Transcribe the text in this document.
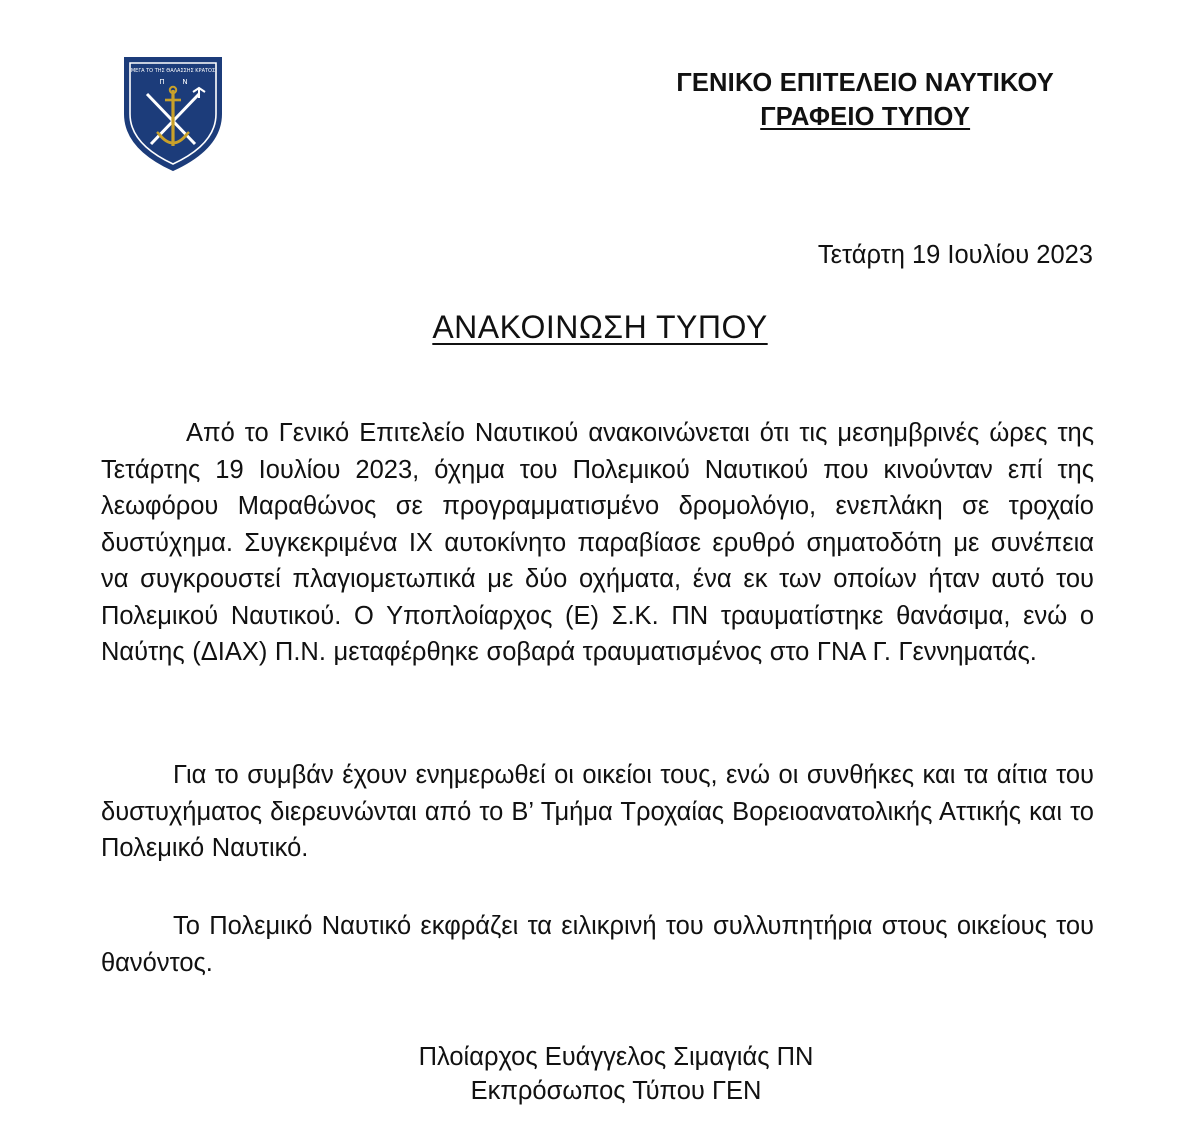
ΜΕΓΑ ΤΟ ΤΗΣ ΘΑΛΑΣΣΗΣ ΚΡΑΤΟΣ
Π	Ν	ΓΕΝΙΚΟ ΕΠΙΤΕΛΕΙΟ ΝΑΥΤΙΚΟΥ
ΓΡΑΦΕΙΟ ΤΥΠΟΥ
Τετάρτη 19 Ιουλίου 2023
ΑΝΑΚΟΙΝΩΣΗ ΤΥΠΟΥ
Από το Γενικό Επιτελείο Ναυτικού ανακοινώνεται ότι τις μεσημβρινές ώρες της Τετάρτης 19 Ιουλίου 2023, όχημα του Πολεμικού Ναυτικού που κινούνταν επί της λεωφόρου Μαραθώνος σε προγραμματισμένο δρομολόγιο, ενεπλάκη σε τροχαίο δυστύχημα. Συγκεκριμένα ΙΧ αυτοκίνητο παραβίασε ερυθρό σηματοδότη με συνέπεια να συγκρουστεί πλαγιομετωπικά με δύο οχήματα, ένα εκ των οποίων ήταν αυτό του Πολεμικού Ναυτικού. Ο Υποπλοίαρχος (Ε) Σ.Κ. ΠΝ τραυματίστηκε θανάσιμα, ενώ ο Ναύτης (ΔΙΑΧ) Π.Ν. μεταφέρθηκε σοβαρά τραυματισμένος στο ΓΝΑ Γ. Γεννηματάς.
Για το συμβάν έχουν ενημερωθεί οι οικείοι τους, ενώ οι συνθήκες και τα αίτια του δυστυχήματος διερευνώνται από το Β’ Τμήμα Τροχαίας Βορειοανατολικής Αττικής και το Πολεμικό Ναυτικό.
Το Πολεμικό Ναυτικό εκφράζει τα ειλικρινή του συλλυπητήρια στους οικείους του θανόντος.
Πλοίαρχος Ευάγγελος Σιμαγιάς ΠΝ
Εκπρόσωπος Τύπου ΓΕΝ
